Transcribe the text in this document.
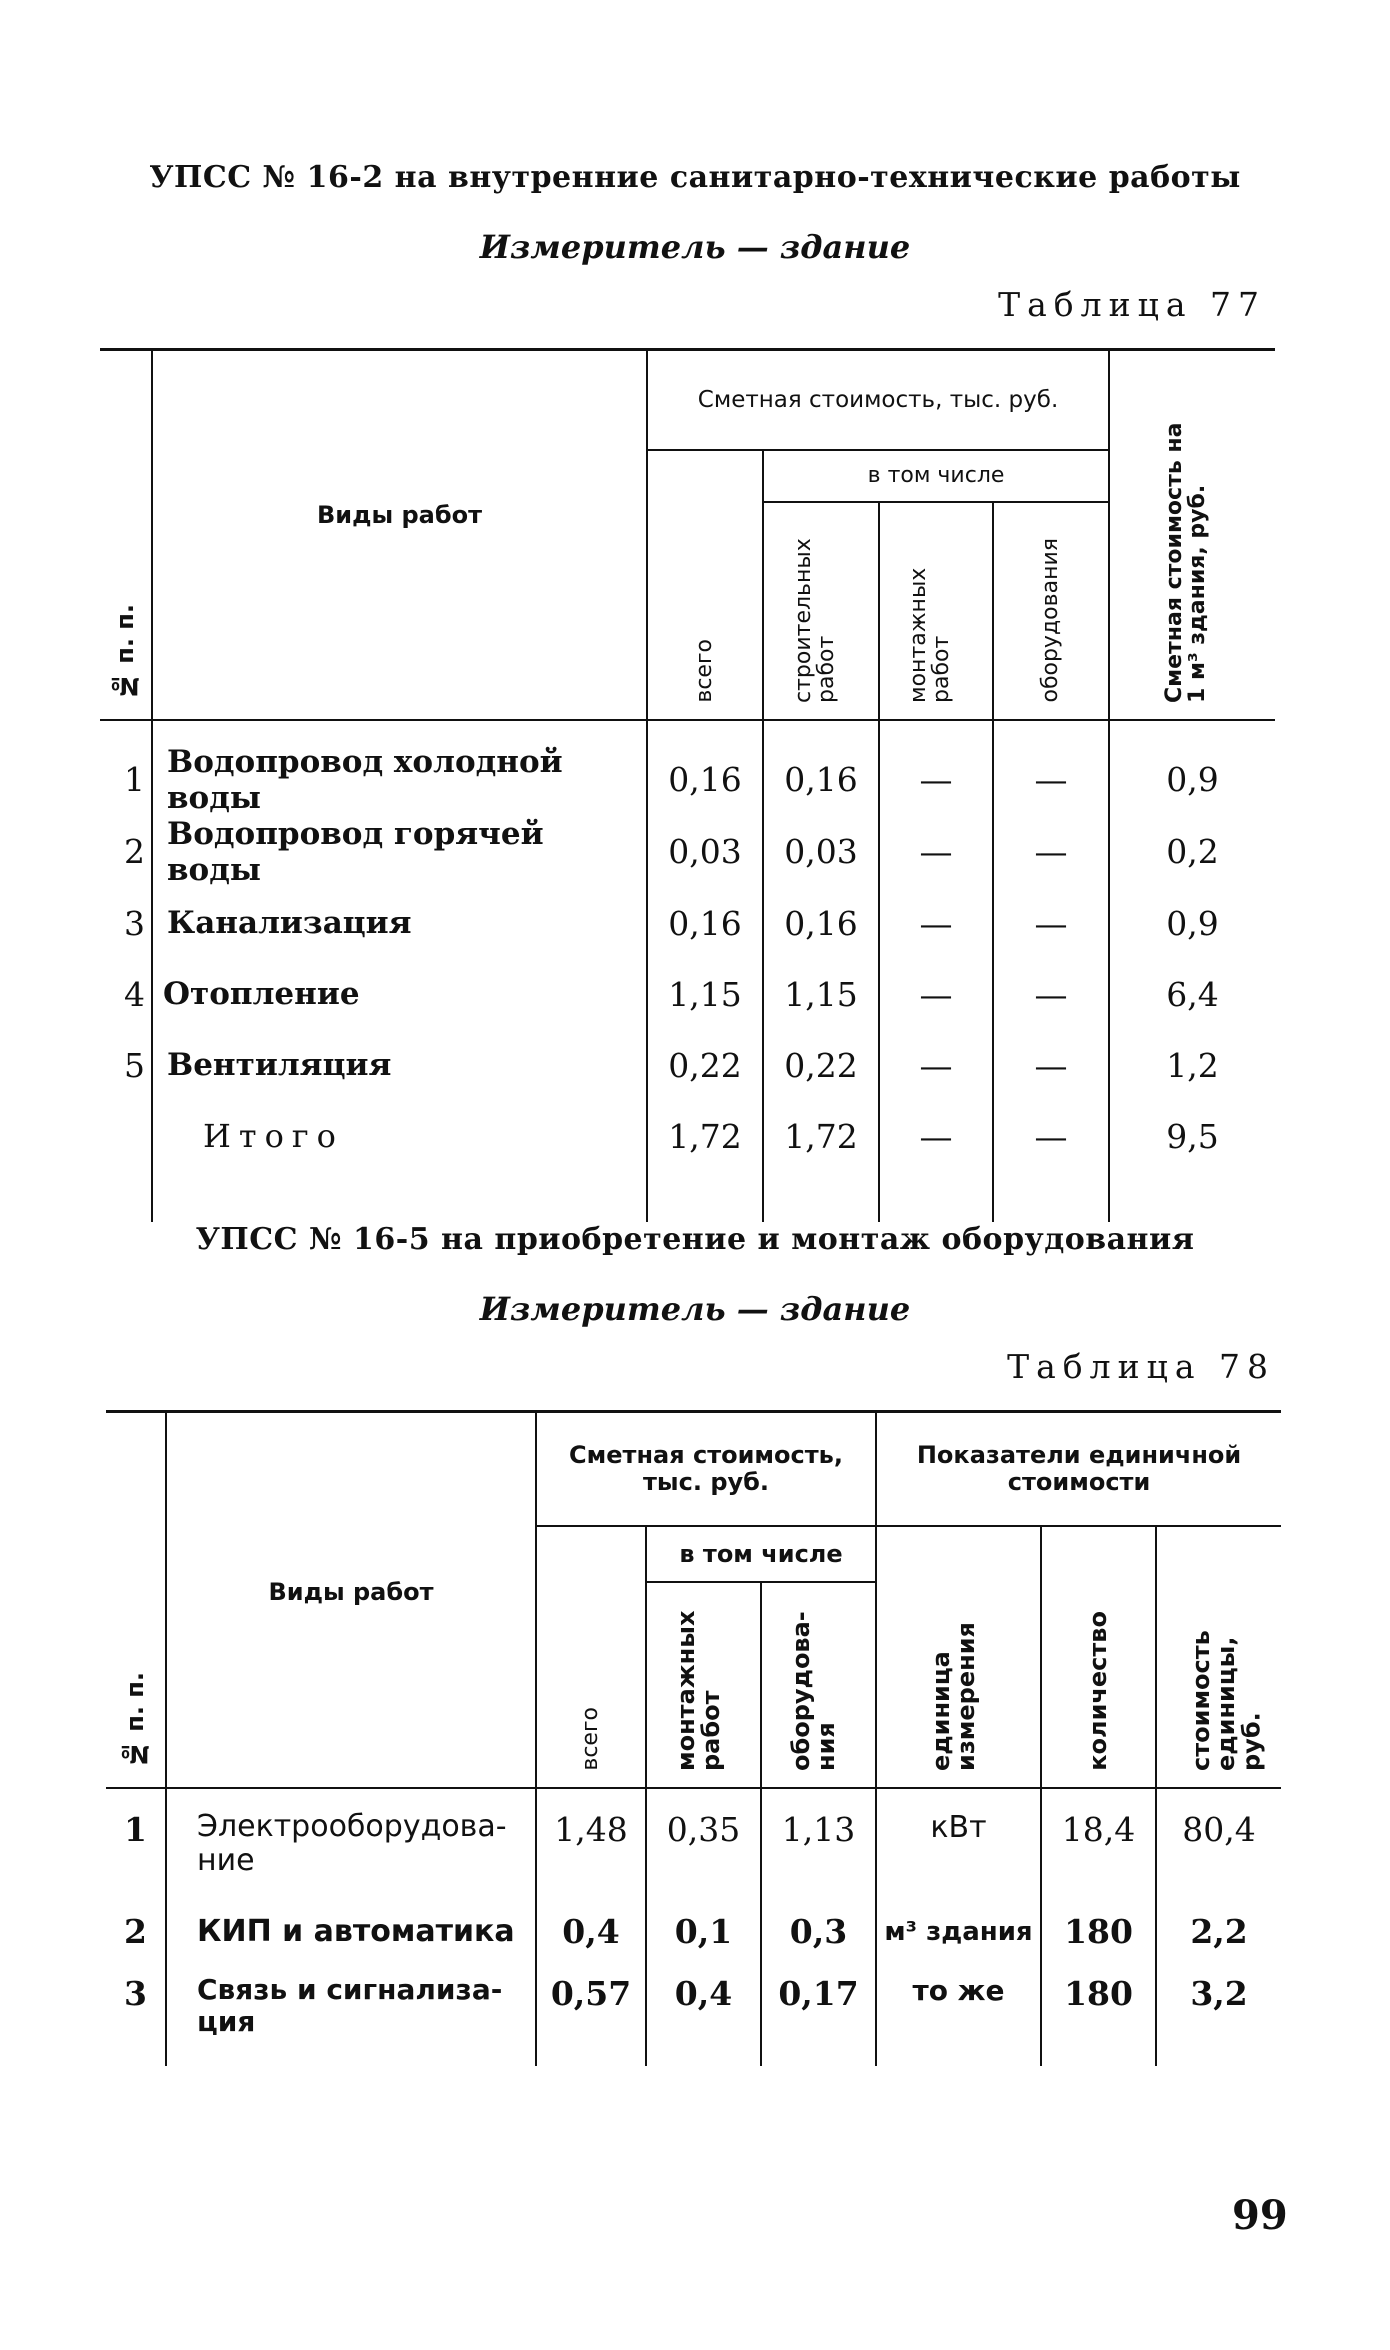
УПСС № 16-2 на внутренние санитарно-технические работы
Измеритель — здание
Таблица 77
№ п. п.	Виды работ	Сметная стоимость, тыс. руб.				Сметная стоимость на 1 м³ здания, руб.

		всего	в том числе			

			строительных работ	монтажных работ	оборудования	

1	Водопровод холодной воды	0,16	0,16	—	—	0,9
2	Водопровод горячей воды	0,03	0,03	—	—	0,2
3	Канализация	0,16	0,16	—	—	0,9
4	Отопление	1,15	1,15	—	—	6,4
5	Вентиляция	0,22	0,22	—	—	1,2
	Итого	1,72	1,72	—	—	9,5

УПСС № 16-5 на приобретение и монтаж оборудования
Измеритель — здание
Таблица 78
№ п. п.	Виды работ	Сметная стоимость, тыс. руб.			Показатели единичной стоимости		

		всего	в том числе		единица измерения	количество	стоимость единицы, руб.

			монтажных работ	оборудова-ния			

1	Электрооборудова-ние	1,48	0,35	1,13	кВт	18,4	80,4
2	КИП и автоматика	0,4	0,1	0,3	м³ здания	180	2,2
3	Связь и сигнализа-ция	0,57	0,4	0,17	то же	180	3,2
99
